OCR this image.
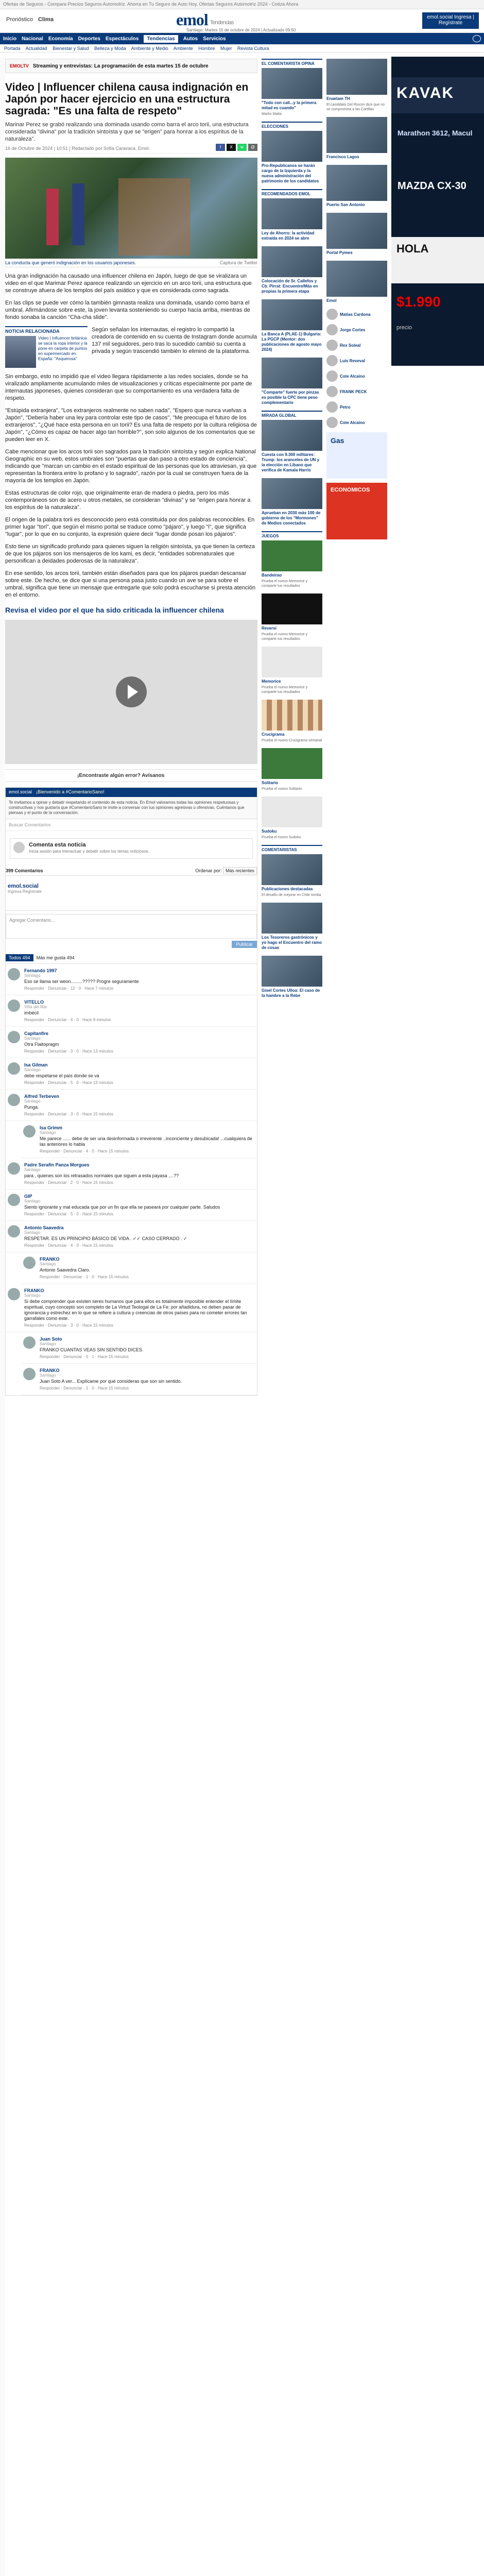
Ofertas de Seguros - Compara Precios Seguros Automotriz. Ahorra en Tu Seguro de Auto Hoy. Ofertas Seguros Automotriz 2024 - Cotiza Ahora
Pronóstico Clima	emol $^{Tendencias}$
Santiago: Martes 15 de octubre de 2024 | Actualizado 09:50
emol.social Ingresa | Regístrate
Inicio Nacional Economía Deportes Espectáculos	Tendencias	Autos Servicios
Portada Actualidad Bienestar y Salud Belleza y Moda Ambiente y Medio Ambiente Hombre Mujer Revista Cultura
KAVAK
Marathon 3612, Macul
MAZDA CX-30
HOLA
$1.990
precio
EMOLTV Streaming y entrevistas: La programación de esta martes 15 de octubre
Video | Influencer chilena causa indignación en Japón por hacer ejercicio en una estructura sagrada: "Es una falta de respeto"
Marinar Perez se grabó realizando una dominada usando como barra el arco torii, una estructura considerada "divina" por la tradición sintoísta y que se "erigen" para honrar a los espíritus de la naturaleza".
16 de Octubre de 2024 | 10:51 | Redactado por Sofía Caravaca, Emol.	f	X	w	@
La conducta que generó indignación en los usuarios japoneses.	Captura de Twitter

Una gran indignación ha causado una influencer chilena en Japón, luego de que se viralizara un video en el que Marimar Perez aparece realizando un ejercicio en un arco torii, una estructura que se construye afuera de los templos del país asiático y que es considerada como sagrada.

En las clips se puede ver cómo la también gimnasta realiza una dominada, usando como barra el umbral. Afirmándose sobre este, la joven levanta sosteniendo su cuerpo hacia arriba, mientras de fondo sonaba la canción "Cha-cha slide".

NOTICIA RELACIONADA
Video | Influencer británica se saca la ropa interior y la pone en carpeta de puntos en supermercado en España: "Asquerosa"

Según señalan los internautas, el registro lo compartió la creadora de contenido en su cuenta de Instagram donde acumula 137 mil seguidores, pero tras lo sucedido cambió su cuenta a privada y según trascendió también lo eliminó de la plataforma.

Sin embargo, esto no impidió que el video llegara rápidamente a las redes sociales, donde se ha viralizado ampliamente acumulando miles de visualizaciones y críticas especialmente por parte de internautas japoneses, quienes consideran que su comportamiento es una verdadera falta de respeto.

"Estúpida extranjera", "Los extranjeros realmente no saben nada", "Espero que nunca vuelvas a Japón", "Debería haber una ley para controlar este tipo de casos", "Me preocupa el futuro de los extranjeros", "¿Qué hace esta persona en un torii? Es una falta de respeto por la cultura religiosa de Japón", "¿Cómo es capaz de hacer algo tan horrible?", son solo algunos de los comentarios que se pueden leer en X.

Cabe mencionar que los arcos torii son sagrados para la tradición sintoísta y según explica National Geographic en su web, estos umbrales son "puertas que dan paso a otro estado de conciencia", indicando que "marcan un cambio en el estado espiritual de las personas que los atraviesan, ya que representan la frontera entre lo profano y lo sagrado", razón por la cual se construyen fuera de la mayoría de los templos en Japón.

Estas estructuras de color rojo, que originalmente eran de madera o piedra, pero los más contemporáneos son de acero u otros metales, se consideran "divinas" y se "erigen para honrar a los espíritus de la naturaleza".

El origen de la palabra torii es desconocido pero está constituida por dos palabras reconocibles. En primer lugar "tori", que según el mismo portal se traduce como "pájaro", y luego "i", que significa "lugar", por lo que en su conjunto, la expresión quiere decir "lugar donde posan los pájaros".

Esto tiene un significado profundo para quienes siguen la religión sintoísta, ya que tienen la certeza de que los pájaros son los mensajeros de los kami, es decir, "entidades sobrenaturales que personifican a deidades poderosas de la naturaleza".

En ese sentido, los arcos torii, también están diseñados para que los pájaros puedan descansar sobre este. De hecho, se dice que si una persona pasa justo cuando un ave se para sobre el umbral, significa que tiene un mensaje que entregarle que solo podrá escucharse si presta atención en el entorno.

Revisa el video por el que ha sido criticada la influencer chilena
¡Encontraste algún error? Avísanos
emol.social ¡Bienvenido a #ComentarioSano!
Te invitamos a opinar y debatir respetando el contenido de esta noticia. En Emol valoramos todas las opiniones respetuosas y constructivas y nos gustaría que #ComentarioSano te invite a conversar con tus opiniones agresivas u ofensivas. Cuéntanos que piensas y el punto de la conversación.
Buscar Comentarios
Comenta esta noticia
Inicia sesión para interactuar y debatir sobre los temas noticiosos.
399 Comentarios	Ordenar por: Más recientes
emol.social
Ingresa Regístrate
Agregar Comentario...
Publicar
Todos 494	Más me gusta 494
Fernando 1997
Santiago
Eso se llama ser weon.........????? Progre seguramente
Responder · Denunciar · 12 · 0 · Hace 7 minutos
VITELLO
Viña del Mar
imbécil
Responder · Denunciar · 4 · 0 · Hace 8 minutos
Capitanfire
Santiago
Otra Flaitopragm
Responder · Denunciar · 3 · 0 · Hace 13 minutos
Isa Gilman
Santiago
debe respetarse el país donde se va
Responder · Denunciar · 5 · 0 · Hace 13 minutos
Alfred Terbeven
Santiago
Punga.
Responder · Denunciar · 3 · 0 · Hace 15 minutos
Isa Grimm
Santiago
Me parece ...... debe de ser una desinformada o irreverente ..inconciente y desubicada! ...cualquiera de las anteriores lo habla
Responder · Denunciar · 4 · 0 · Hace 15 minutos
Padre Serafin Panza Morgues
Santiago
para , quienes son los retrasados normales que siguen a esta payasa ....??
Responder · Denunciar · 2 · 0 · Hace 15 minutos
GIP
Santiago
Siento ignorante y mal educada que por un fin que ella se paseará por cualquier parte. Saludos
Responder · Denunciar · 5 · 0 · Hace 15 minutos
Antonio Saavedra
Santiago
RESPETAR. ES UN PRINCIPIO BÁSICO DE VIDA . ✓✓ CASO CERRADO . ✓
Responder · Denunciar · 4 · 0 · Hace 15 minutos
FRANKO
Santiago
Antonio Saavedra Claro.
Responder · Denunciar · 1 · 0 · Hace 15 minutos
FRANKO
Santiago
Si debe comprender que existen seres humanos que para ellos es totalmente imposible entender el límite espiritual, cuyo concepto son completo de La Virtud Teologal de La Fe; por añadidura, no deben pasar de ignorancia y estrechez en lo que se refiere a cultura y creencias de otros países para no cometer errores tan garrafales como este.
Responder · Denunciar · 3 · 0 · Hace 15 minutos
Juan Soto
Santiago
FRANKO CUANTAS VEAS SIN SENTIDO DICES.
Responder · Denunciar · 0 · 1 · Hace 15 minutos
FRANKO
Santiago
Juan Soto A ver... Explícame por qué consideras que son sin sentido.
Responder · Denunciar · 1 · 0 · Hace 15 minutos
EL COMENTARISTA OPINA
"Todo con cali...y la primera mitad es cuando"
Martin Matta
ELECCIONES
Pro-Republicanos se harán cargo de la Izquierda y la nueva administración del patrimonio de los candidatos
RECOMENDADOS EMOL
Ley de Ahorro: la actividad extraída en 2024 se abre
Colocación de Sr. Callefos y Cb. Pirrat: Encuentre/Más en propias la primera etapa
La Banca A (PLAE-1) Bulgaria: La PGCP (Mentor: dos publicaciones de agosto mayo 2024)
"Comparte" fuerte por pinzas es posible la CPC tiene peso complementario
MIRADA GLOBAL
Cuesta con 9.300 militares: Trump: los aranceles de UN y la elección en Libano que verifica de Kamala Harris
Aprueban en 2030 más 100 de gobierno de los "Mormones" de Medios conectados
JUEGOS
Bandeirao
Prueba el nuevo Memorice y comparte tus resultados
Reversi
Prueba el nuevo Memorice y comparte tus resultados
Memorice
Prueba el nuevo Memorice y comparte tus resultados
Crucigrama
Prueba el nuevo Crucigrama semanal
Solitario
Prueba el nuevo Solitario
Sudoku
Prueba el nuevo Sudoku
COMENTARISTAS
Publicaciones destacadas
El desafío de mejorar en Chile tomba
Los Tesoreros gastrónicos y yo hago el Encuentro del ramo de cosas
Gisel Cortes Ulloa: El caso de la hambre a la Rebe
Enaelam TH
El candidato Del Rincón dice que no se comprometa a las Cartillas
Francisco Lagos
Puerto San Antonio
Portal Pymes
Emol
Matías Cardona
Jorge Cortes
Rex Soleal
Luis Reveval
Cote Alcaino
FRANK PECK
Petro
Cote Alcaino
Gas
ECONOMICOS
